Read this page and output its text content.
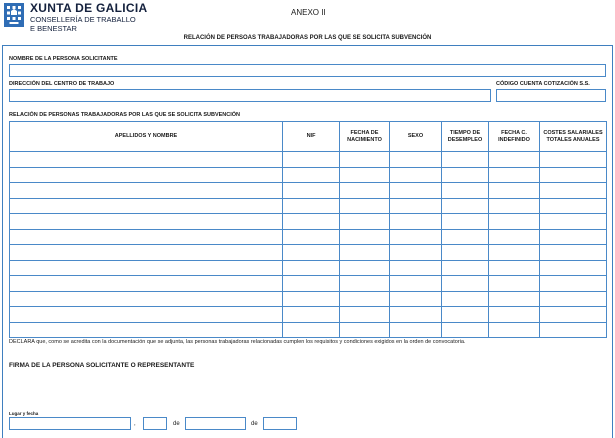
XUNTA DE GALICIA
CONSELLERÍA DE TRABALLO
E BENESTAR
ANEXO II
RELACIÓN DE PERSOAS TRABAJADORAS POR LAS QUE SE SOLICITA SUBVENCIÓN
NOMBRE DE LA PERSONA SOLICITANTE
DIRECCIÓN DEL CENTRO DE TRABAJO	CÓDIGO CUENTA COTIZACIÓN S.S.
RELACIÓN DE PERSONAS TRABAJADORAS POR LAS QUE SE SOLICITA SUBVENCIÓN
APELLIDOS Y NOMBRE	NIF	FECHA DE NACIMIENTO	SEXO	TIEMPO DE DESEMPLEO	FECHA C. INDEFINIDO	COSTES SALARIALES TOTALES ANUALES

DECLARA que, como se acredita con la documentación que se adjunta, las personas trabajadoras relacionadas cumplen los requisitos y condiciones exigidos en la orden de convocatoria.
FIRMA DE LA PERSONA SOLICITANTE O REPRESENTANTE
Lugar y fecha
,	de	de
